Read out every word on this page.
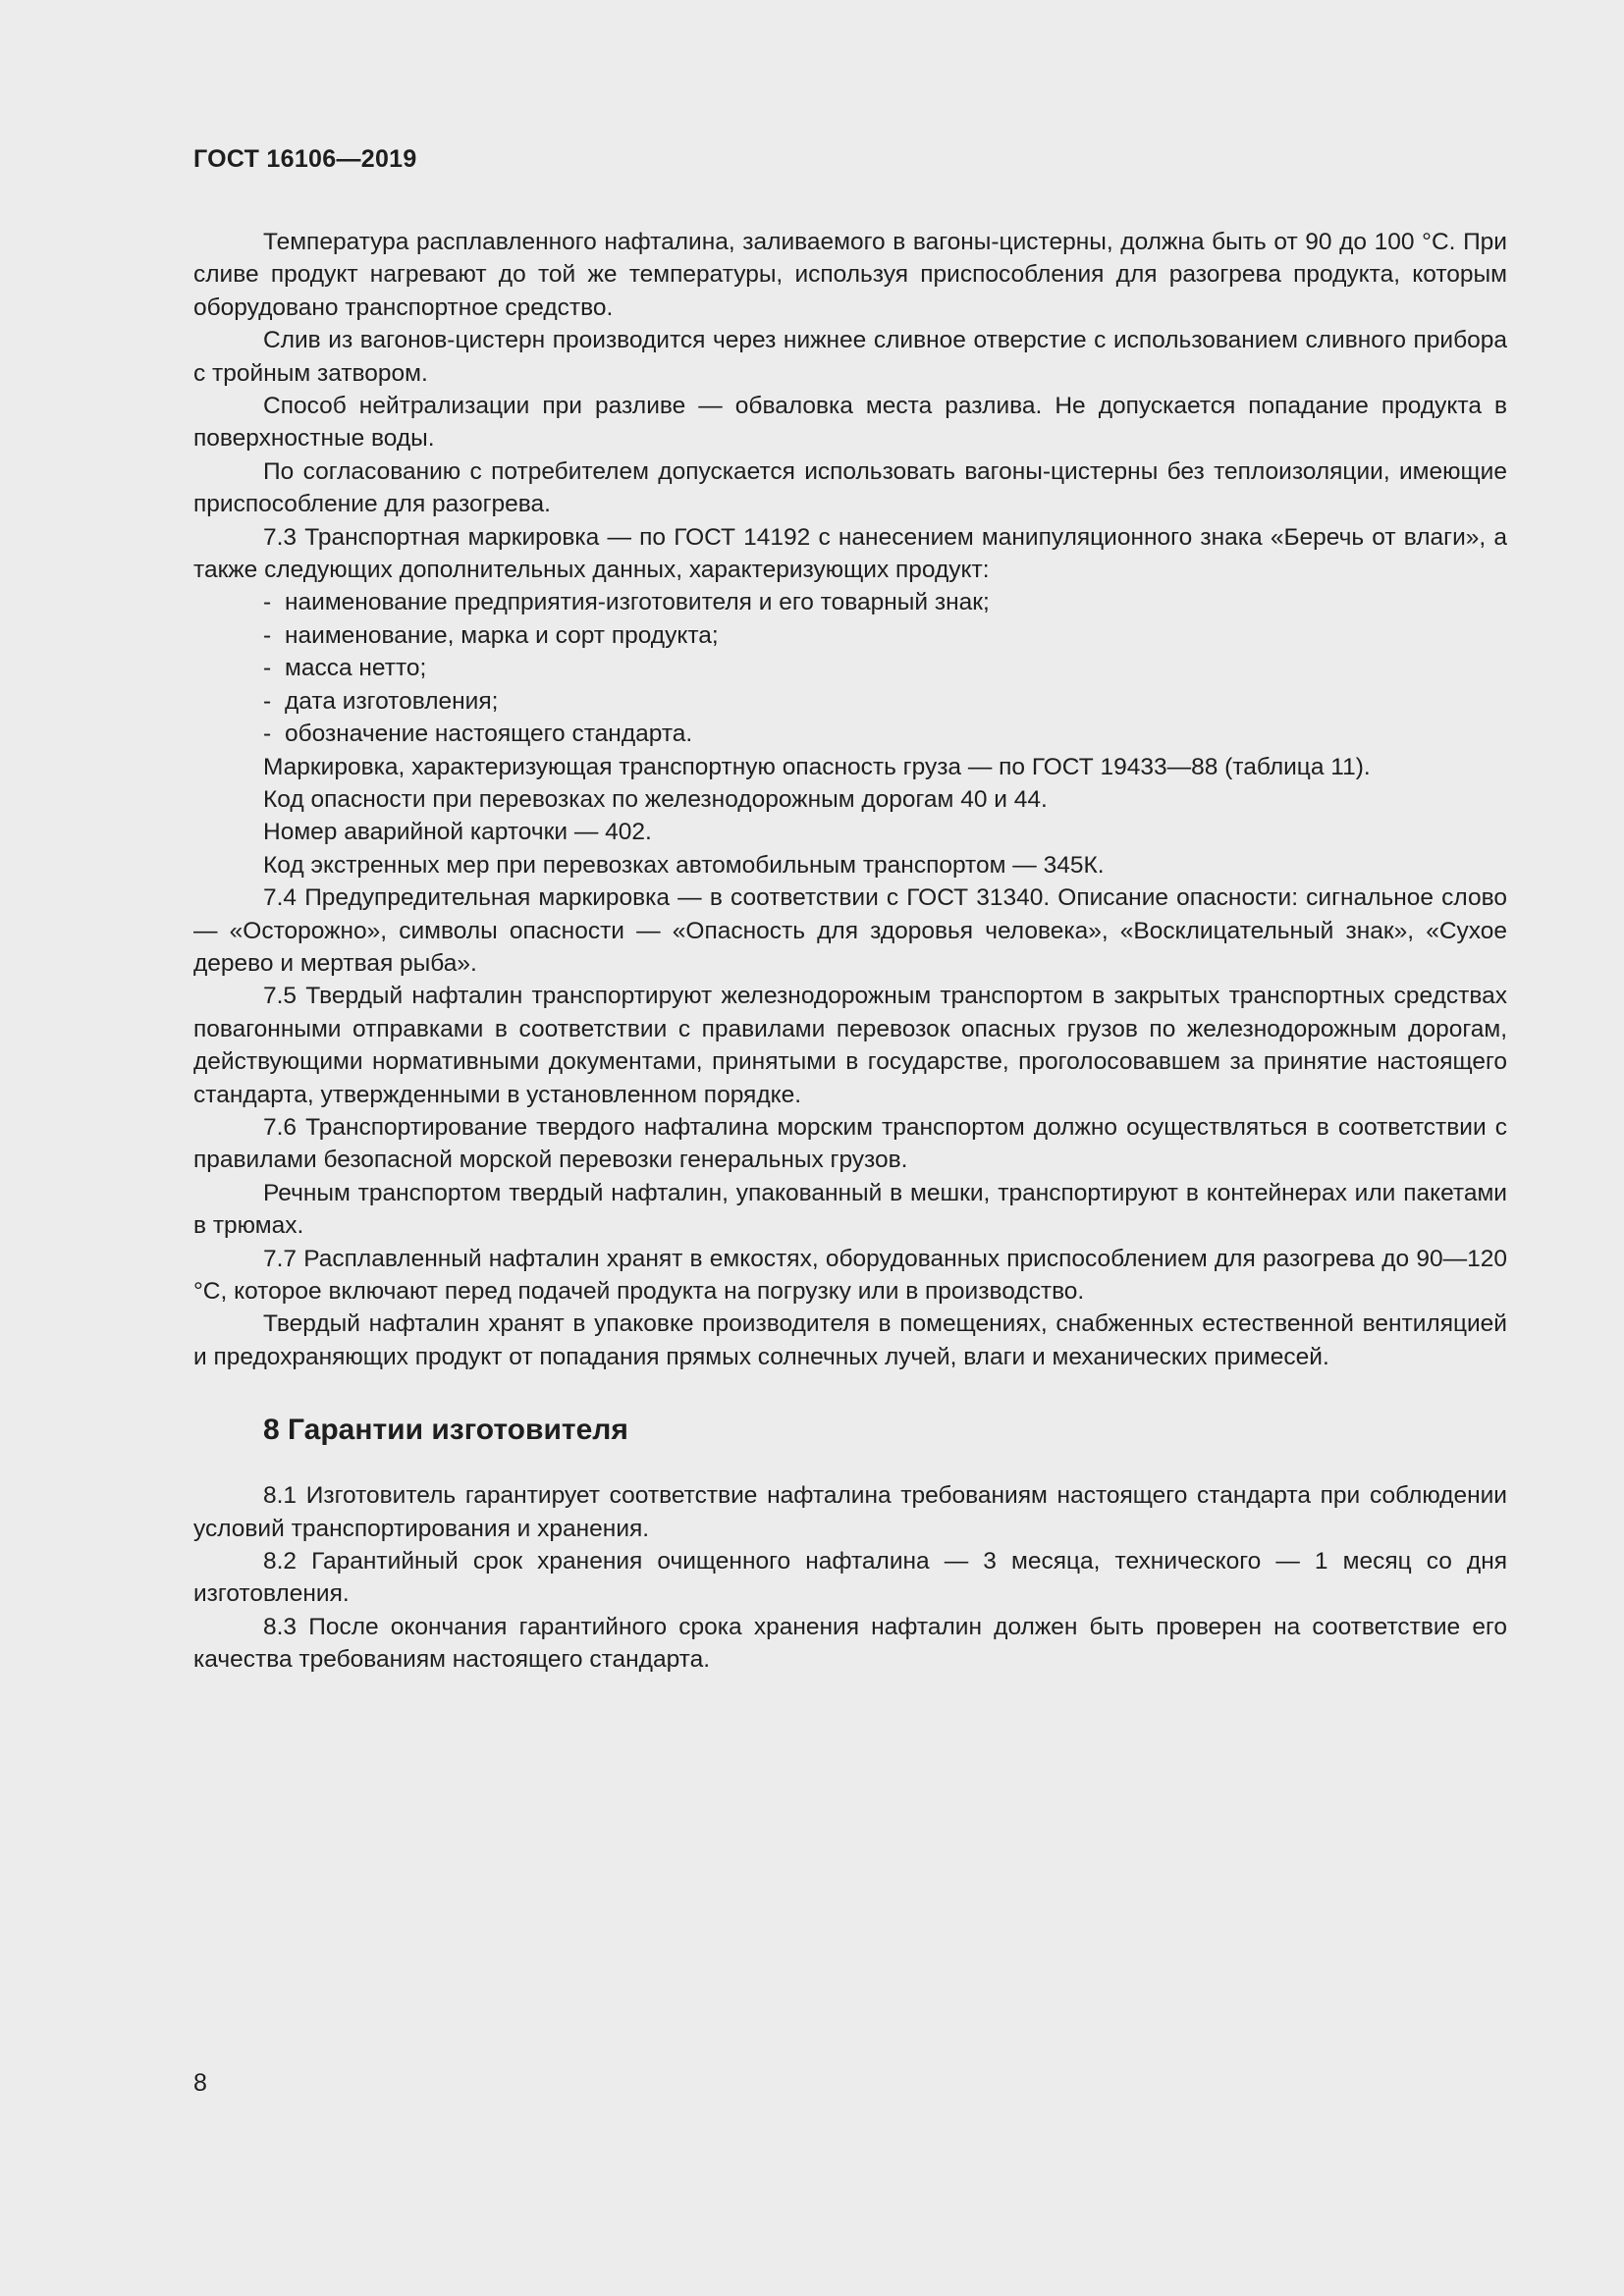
ГОСТ 16106—2019

Температура расплавленного нафталина, заливаемого в вагоны-цистерны, должна быть от 90 до 100 °С. При сливе продукт нагревают до той же температуры, используя приспособления для разогрева продукта, которым оборудовано транспортное средство.

Слив из вагонов-цистерн производится через нижнее сливное отверстие с использованием сливного прибора с тройным затвором.

Способ нейтрализации при разливе — обваловка места разлива. Не допускается попадание продукта в поверхностные воды.

По согласованию с потребителем допускается использовать вагоны-цистерны без теплоизоляции, имеющие приспособление для разогрева.

7.3 Транспортная маркировка — по ГОСТ 14192 с нанесением манипуляционного знака «Беречь от влаги», а также следующих дополнительных данных, характеризующих продукт:

- наименование предприятия-изготовителя и его товарный знак;

- наименование, марка и сорт продукта;

- масса нетто;

- дата изготовления;

- обозначение настоящего стандарта.

Маркировка, характеризующая транспортную опасность груза — по ГОСТ 19433—88 (таблица 11).

Код опасности при перевозках по железнодорожным дорогам 40 и 44.

Номер аварийной карточки — 402.

Код экстренных мер при перевозках автомобильным транспортом — 345К.

7.4 Предупредительная маркировка — в соответствии с ГОСТ 31340. Описание опасности: сигнальное слово — «Осторожно», символы опасности — «Опасность для здоровья человека», «Восклицательный знак», «Сухое дерево и мертвая рыба».

7.5 Твердый нафталин транспортируют железнодорожным транспортом в закрытых транспортных средствах повагонными отправками в соответствии с правилами перевозок опасных грузов по железнодорожным дорогам, действующими нормативными документами, принятыми в государстве, проголосовавшем за принятие настоящего стандарта, утвержденными в установленном порядке.

7.6 Транспортирование твердого нафталина морским транспортом должно осуществляться в соответствии с правилами безопасной морской перевозки генеральных грузов.

Речным транспортом твердый нафталин, упакованный в мешки, транспортируют в контейнерах или пакетами в трюмах.

7.7 Расплавленный нафталин хранят в емкостях, оборудованных приспособлением для разогрева до 90—120 °С, которое включают перед подачей продукта на погрузку или в производство.

Твердый нафталин хранят в упаковке производителя в помещениях, снабженных естественной вентиляцией и предохраняющих продукт от попадания прямых солнечных лучей, влаги и механических примесей.

8 Гарантии изготовителя

8.1 Изготовитель гарантирует соответствие нафталина требованиям настоящего стандарта при соблюдении условий транспортирования и хранения.

8.2 Гарантийный срок хранения очищенного нафталина — 3 месяца, технического — 1 месяц со дня изготовления.

8.3 После окончания гарантийного срока хранения нафталин должен быть проверен на соответствие его качества требованиям настоящего стандарта.

8
